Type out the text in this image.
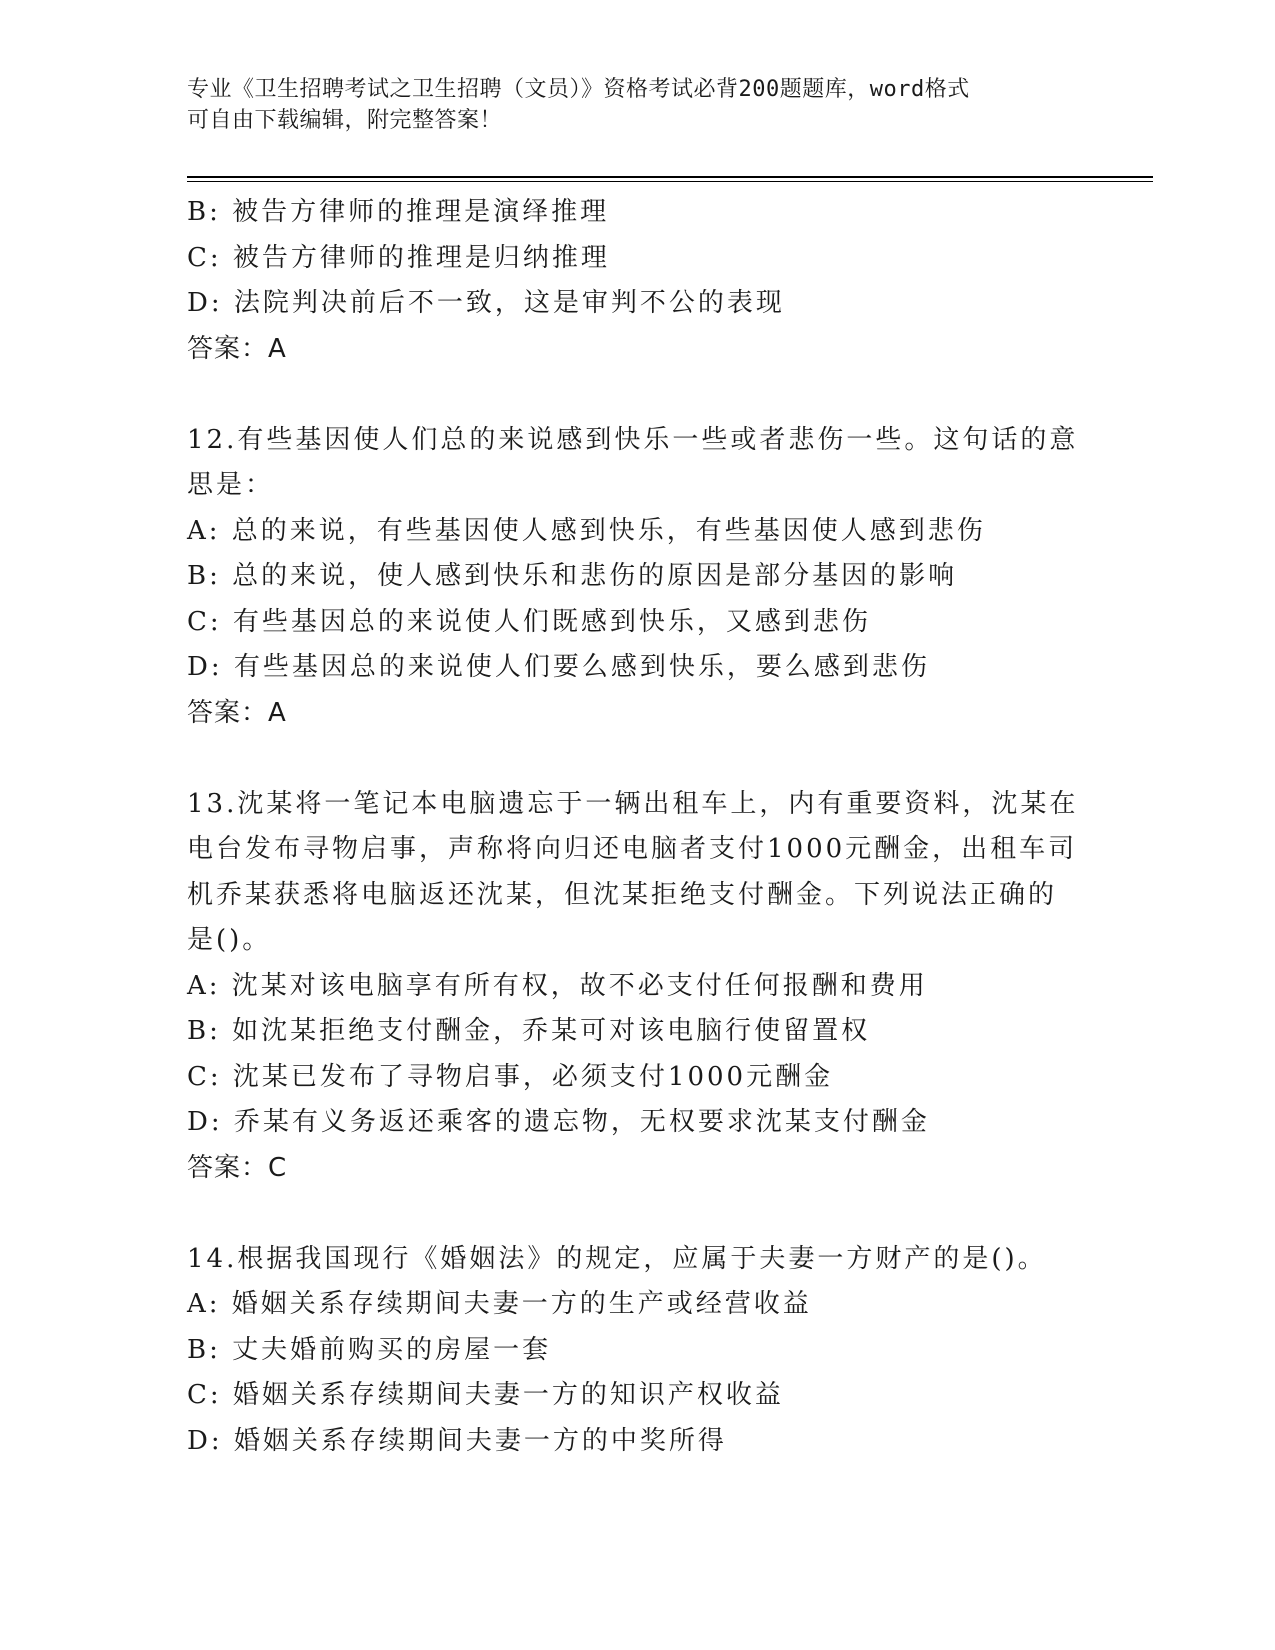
专业《卫生招聘考试之卫生招聘（文员）》资格考试必背200题题库，word格式
可自由下载编辑，附完整答案！
B: 被告方律师的推理是演绎推理
C: 被告方律师的推理是归纳推理
D: 法院判决前后不一致，这是审判不公的表现
答案：A
12.有些基因使人们总的来说感到快乐一些或者悲伤一些。这句话的意
思是：
A: 总的来说，有些基因使人感到快乐，有些基因使人感到悲伤
B: 总的来说，使人感到快乐和悲伤的原因是部分基因的影响
C: 有些基因总的来说使人们既感到快乐，又感到悲伤
D: 有些基因总的来说使人们要么感到快乐，要么感到悲伤
答案：A
13.沈某将一笔记本电脑遗忘于一辆出租车上，内有重要资料，沈某在
电台发布寻物启事，声称将向归还电脑者支付1000元酬金，出租车司
机乔某获悉将电脑返还沈某，但沈某拒绝支付酬金。下列说法正确的
是()。
A: 沈某对该电脑享有所有权，故不必支付任何报酬和费用
B: 如沈某拒绝支付酬金，乔某可对该电脑行使留置权
C: 沈某已发布了寻物启事，必须支付1000元酬金
D: 乔某有义务返还乘客的遗忘物，无权要求沈某支付酬金
答案：C
14.根据我国现行《婚姻法》的规定，应属于夫妻一方财产的是()。
A: 婚姻关系存续期间夫妻一方的生产或经营收益
B: 丈夫婚前购买的房屋一套
C: 婚姻关系存续期间夫妻一方的知识产权收益
D: 婚姻关系存续期间夫妻一方的中奖所得
